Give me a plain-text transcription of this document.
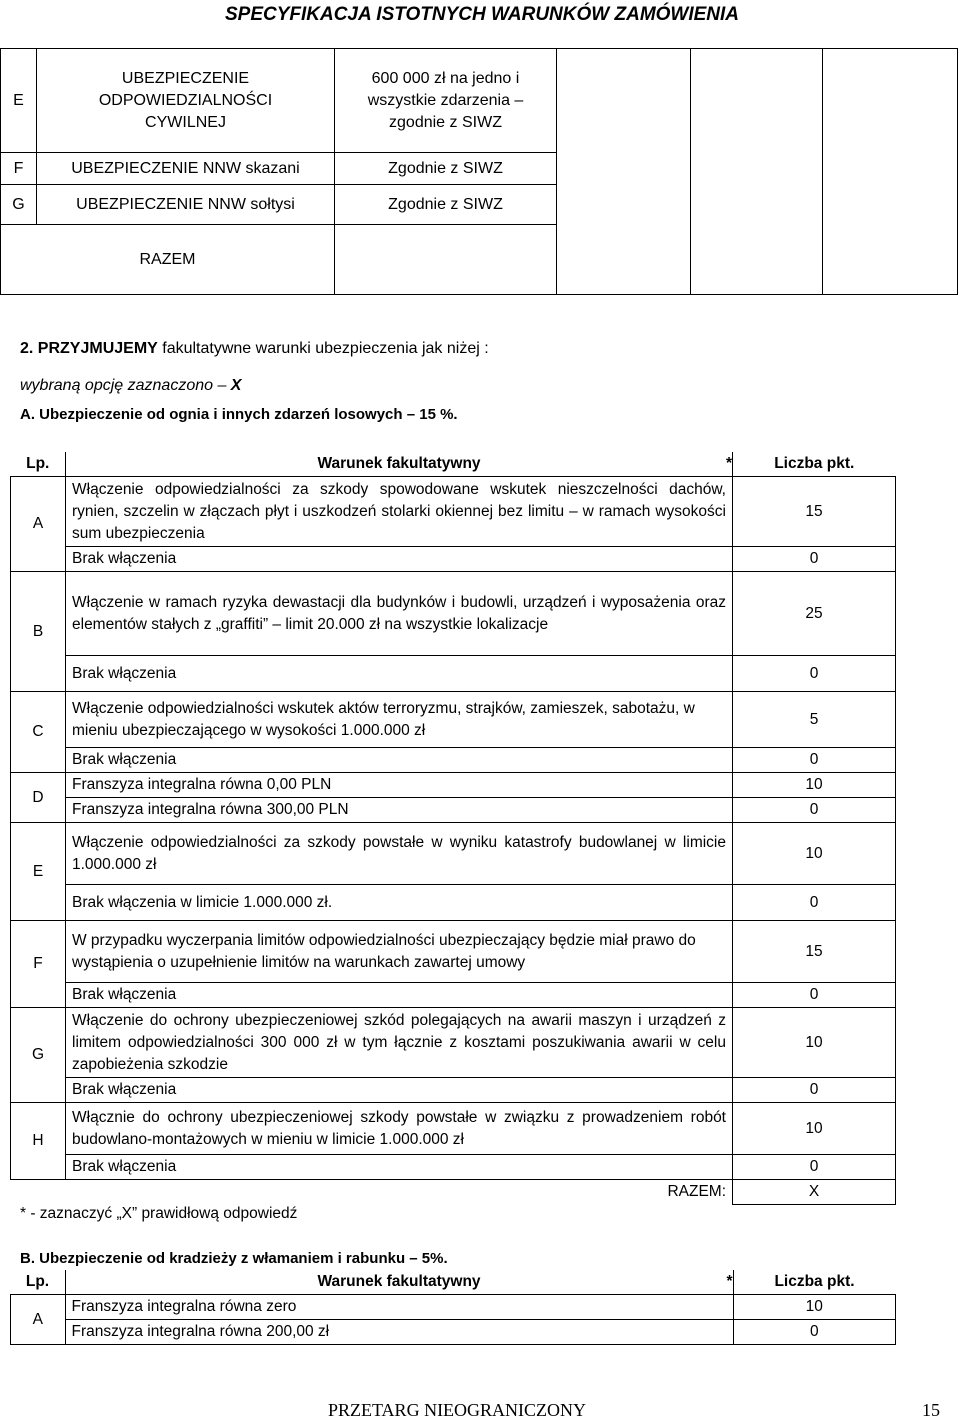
SPECYFIKACJA ISTOTNYCH WARUNKÓW ZAMÓWIENIA
E	UBEZPIECZENIE ODPOWIEDZIALNOŚCI CYWILNEJ	600 000 zł na jedno i wszystkie zdarzenia – zgodnie z SIWZ			
F	UBEZPIECZENIE NNW skazani	Zgodnie z SIWZ			
G	UBEZPIECZENIE NNW sołtysi	Zgodnie z SIWZ			
RAZEM					
2. PRZYJMUJEMY fakultatywne warunki ubezpieczenia jak niżej :
wybraną opcję zaznaczono – X
A. Ubezpieczenie od ognia i innych zdarzeń losowych – 15 %.
Lp.	Warunek fakultatywny *	Liczba pkt.
A	Włączenie odpowiedzialności za szkody spowodowane wskutek nieszczelności dachów, rynien, szczelin w złączach płyt i uszkodzeń stolarki okiennej bez limitu – w ramach wysokości sum ubezpieczenia	15
	Brak włączenia	0
B	Włączenie w ramach ryzyka dewastacji dla budynków i budowli, urządzeń i wyposażenia oraz elementów stałych z „graffiti” – limit 20.000 zł na wszystkie lokalizacje	25
	Brak włączenia	0
C	Włączenie odpowiedzialności wskutek aktów terroryzmu, strajków, zamieszek, sabotażu, w mieniu ubezpieczającego w wysokości 1.000.000 zł	5
	Brak włączenia	0
D	Franszyza integralna równa 0,00 PLN	10
	Franszyza integralna równa 300,00 PLN	0
E	Włączenie odpowiedzialności za szkody powstałe w wyniku katastrofy budowlanej w limicie 1.000.000 zł	10
	Brak włączenia w limicie 1.000.000 zł.	0
F	W przypadku wyczerpania limitów odpowiedzialności ubezpieczający będzie miał prawo do wystąpienia o uzupełnienie limitów na warunkach zawartej umowy	15
	Brak włączenia	0
G	Włączenie do ochrony ubezpieczeniowej szkód polegających na awarii maszyn i urządzeń z limitem odpowiedzialności 300 000 zł w tym łącznie z kosztami poszukiwania awarii w celu zapobieżenia szkodzie	10
	Brak włączenia	0
H	Włącznie do ochrony ubezpieczeniowej szkody powstałe w związku z prowadzeniem robót budowlano-montażowych w mieniu w limicie 1.000.000 zł	10
	Brak włączenia	0
	RAZEM:	X
* - zaznaczyć „X” prawidłową odpowiedź
B. Ubezpieczenie od kradzieży z włamaniem i rabunku – 5%.
Lp.	Warunek fakultatywny *	Liczba pkt.
A	Franszyza integralna równa zero	10
	Franszyza integralna równa 200,00 zł	0
PRZETARG NIEOGRANICZONY	15
